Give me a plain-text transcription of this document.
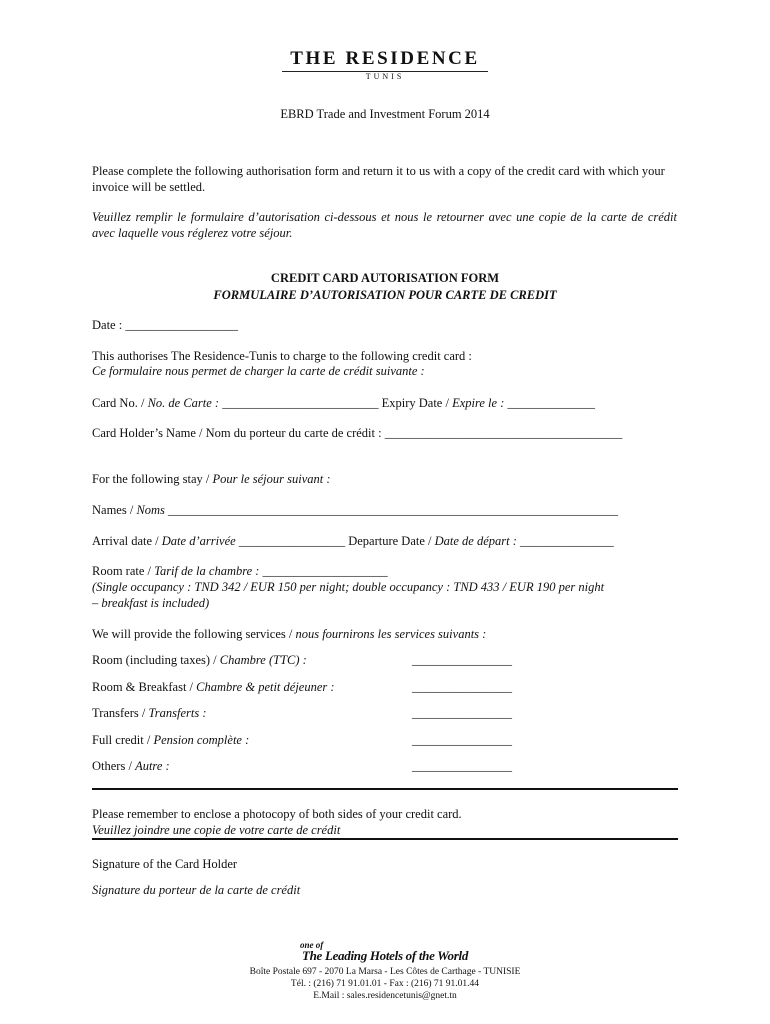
THE RESIDENCE
TUNIS
EBRD Trade and Investment Forum 2014
Please complete the following authorisation form and return it to us with a copy of the credit card with which your invoice will be settled.
Veuillez remplir le formulaire d’autorisation ci-dessous et nous le retourner avec une copie de la carte de crédit avec laquelle vous réglerez votre séjour.
CREDIT CARD AUTORISATION FORM
FORMULAIRE D’AUTORISATION POUR CARTE DE CREDIT
Date : __________________
This authorises The Residence-Tunis to charge to the following credit card :
Ce formulaire nous permet de charger la carte de crédit suivante :
Card No. / No. de Carte : _________________________ Expiry Date / Expire le : ______________
Card Holder’s Name / Nom du porteur du carte de crédit : ______________________________________
For the following stay / Pour le séjour suivant :
Names / Noms ________________________________________________________________________
Arrival date / Date d’arrivée _________________ Departure Date / Date de départ : _______________
Room rate / Tarif de la chambre : ____________________
(Single occupancy : TND 342 / EUR 150 per night; double occupancy : TND 433 / EUR 190 per night
– breakfast is included)
We will provide the following services / nous fournirons les services suivants :
Room (including taxes) / Chambre (TTC) :	________________
Room & Breakfast / Chambre & petit déjeuner :	________________
Transfers / Transferts :	________________
Full credit / Pension complète :	________________
Others / Autre :	________________
Please remember to enclose a photocopy of both sides of your credit card.
Veuillez joindre une copie de votre carte de crédit
Signature of the Card Holder
Signature du porteur de la carte de crédit
one of
The Leading Hotels of the World
Boîte Postale 697 - 2070 La Marsa - Les Côtes de Carthage - TUNISIE
Tél. : (216) 71 91.01.01 - Fax : (216) 71 91.01.44
E.Mail : sales.residencetunis@gnet.tn
